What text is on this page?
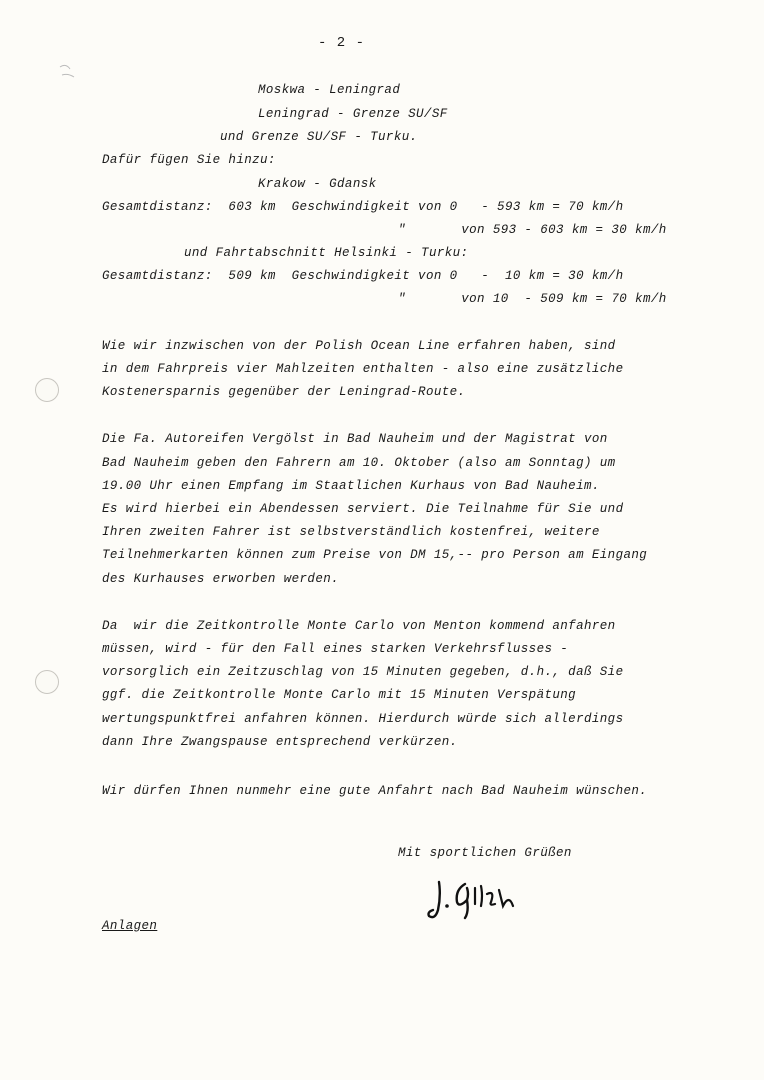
- 2 -
Moskwa - Leningrad
Leningrad - Grenze SU/SF
und Grenze SU/SF - Turku.
Dafür fügen Sie hinzu:
Krakow - Gdansk
Gesamtdistanz:  603 km  Geschwindigkeit von 0   - 593 km = 70 km/h
"       von 593 - 603 km = 30 km/h
und Fahrtabschnitt Helsinki - Turku:
Gesamtdistanz:  509 km  Geschwindigkeit von 0   -  10 km = 30 km/h
"       von 10  - 509 km = 70 km/h
Wie wir inzwischen von der Polish Ocean Line erfahren haben, sind
in dem Fahrpreis vier Mahlzeiten enthalten - also eine zusätzliche
Kostenersparnis gegenüber der Leningrad-Route.
Die Fa. Autoreifen Vergölst in Bad Nauheim und der Magistrat von
Bad Nauheim geben den Fahrern am 10. Oktober (also am Sonntag) um
19.00 Uhr einen Empfang im Staatlichen Kurhaus von Bad Nauheim.
Es wird hierbei ein Abendessen serviert. Die Teilnahme für Sie und
Ihren zweiten Fahrer ist selbstverständlich kostenfrei, weitere
Teilnehmerkarten können zum Preise von DM 15,-- pro Person am Eingang
des Kurhauses erworben werden.
Da  wir die Zeitkontrolle Monte Carlo von Menton kommend anfahren
müssen, wird - für den Fall eines starken Verkehrsflusses -
vorsorglich ein Zeitzuschlag von 15 Minuten gegeben, d.h., daß Sie
ggf. die Zeitkontrolle Monte Carlo mit 15 Minuten Verspätung
wertungspunktfrei anfahren können. Hierdurch würde sich allerdings
dann Ihre Zwangspause entsprechend verkürzen.
Wir dürfen Ihnen nunmehr eine gute Anfahrt nach Bad Nauheim wünschen.
Mit sportlichen Grüßen
Anlagen
